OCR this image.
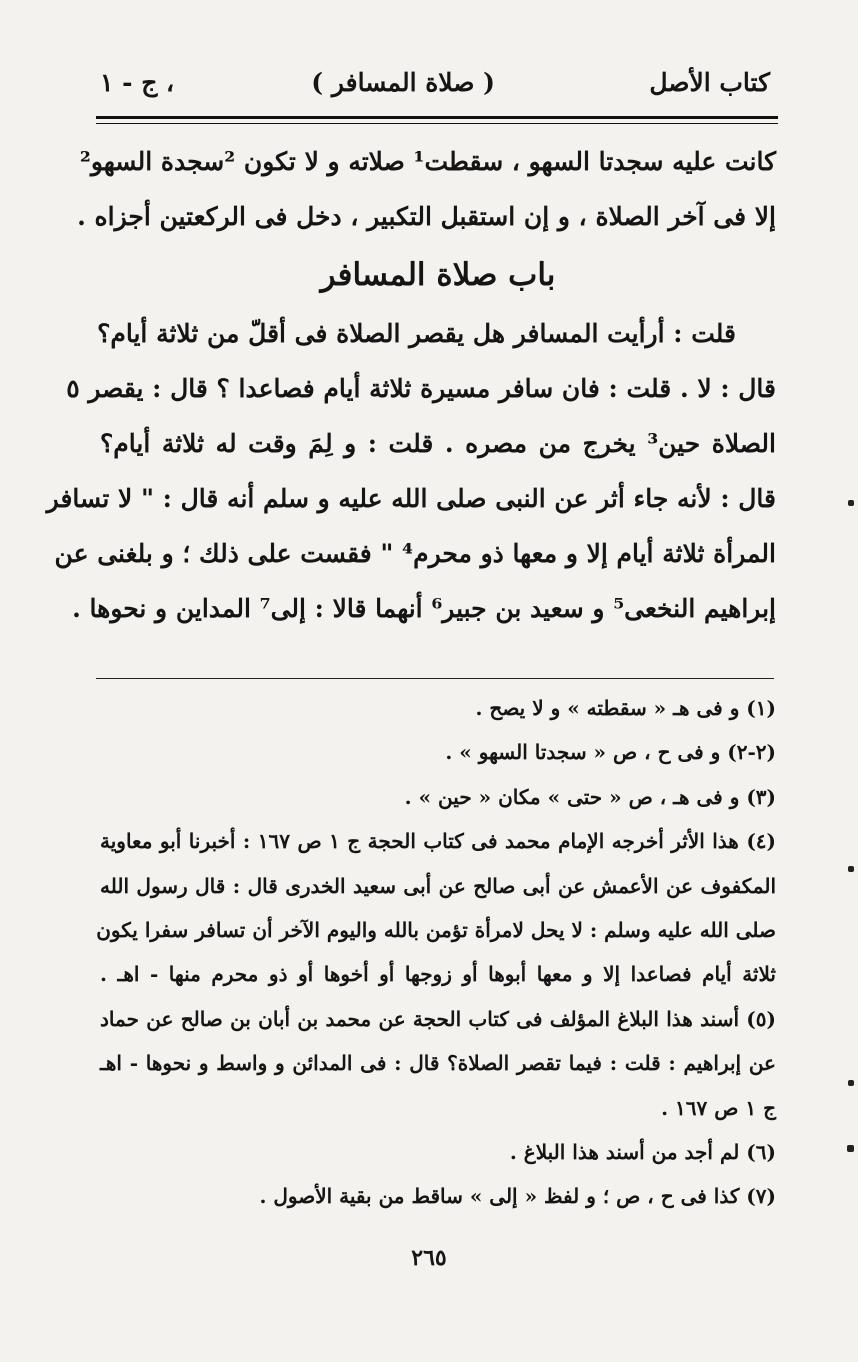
كتاب الأصل
( صلاة المسافر )
، ج - ١
كانت عليه سجدتا السهو ، سقطت¹ صلاته و لا تكون ²سجدة السهو²
إلا فى آخر الصلاة ، و إن استقبل التكبير ، دخل فى الركعتين أجزاه .
باب صلاة المسافر
قلت : أرأيت المسافر هل يقصر الصلاة فى أقلّ من ثلاثة أيام؟
قال : لا . قلت : فان سافر مسيرة ثلاثة أيام فصاعدا ؟ قال : يقصر ٥
الصلاة حين³ يخرج من مصره . قلت : و لِمَ وقت له ثلاثة أيام؟
قال : لأنه جاء أثر عن النبى صلى الله عليه و سلم أنه قال : " لا تسافر
المرأة ثلاثة أيام إلا و معها ذو محرم⁴ " فقست على ذلك ؛ و بلغنى عن
إبراهيم النخعى⁵ و سعيد بن جبير⁶ أنهما قالا : إلى⁷ المداين و نحوها .
(١) و فى هـ « سقطته » و لا يصح .
(٢-٢) و فى ح ، ص « سجدتا السهو » .
(٣) و فى هـ ، ص « حتى » مكان « حين » .
(٤) هذا الأثر أخرجه الإمام محمد فى كتاب الحجة ج ١ ص ١٦٧ : أخبرنا أبو معاوية
المكفوف عن الأعمش عن أبى صالح عن أبى سعيد الخدرى قال : قال رسول الله
صلى الله عليه وسلم : لا يحل لامرأة تؤمن بالله واليوم الآخر أن تسافر سفرا يكون
ثلاثة أيام فصاعدا إلا و معها أبوها أو زوجها أو أخوها أو ذو محرم منها - اهـ .
(٥) أسند هذا البلاغ المؤلف فى كتاب الحجة عن محمد بن أبان بن صالح عن حماد
عن إبراهيم : قلت : فيما تقصر الصلاة؟ قال : فى المدائن و واسط و نحوها - اهـ
ج ١ ص ١٦٧ .
(٦) لم أجد من أسند هذا البلاغ .
(٧) كذا فى ح ، ص ؛ و لفظ « إلى » ساقط من بقية الأصول .
٢٦٥
